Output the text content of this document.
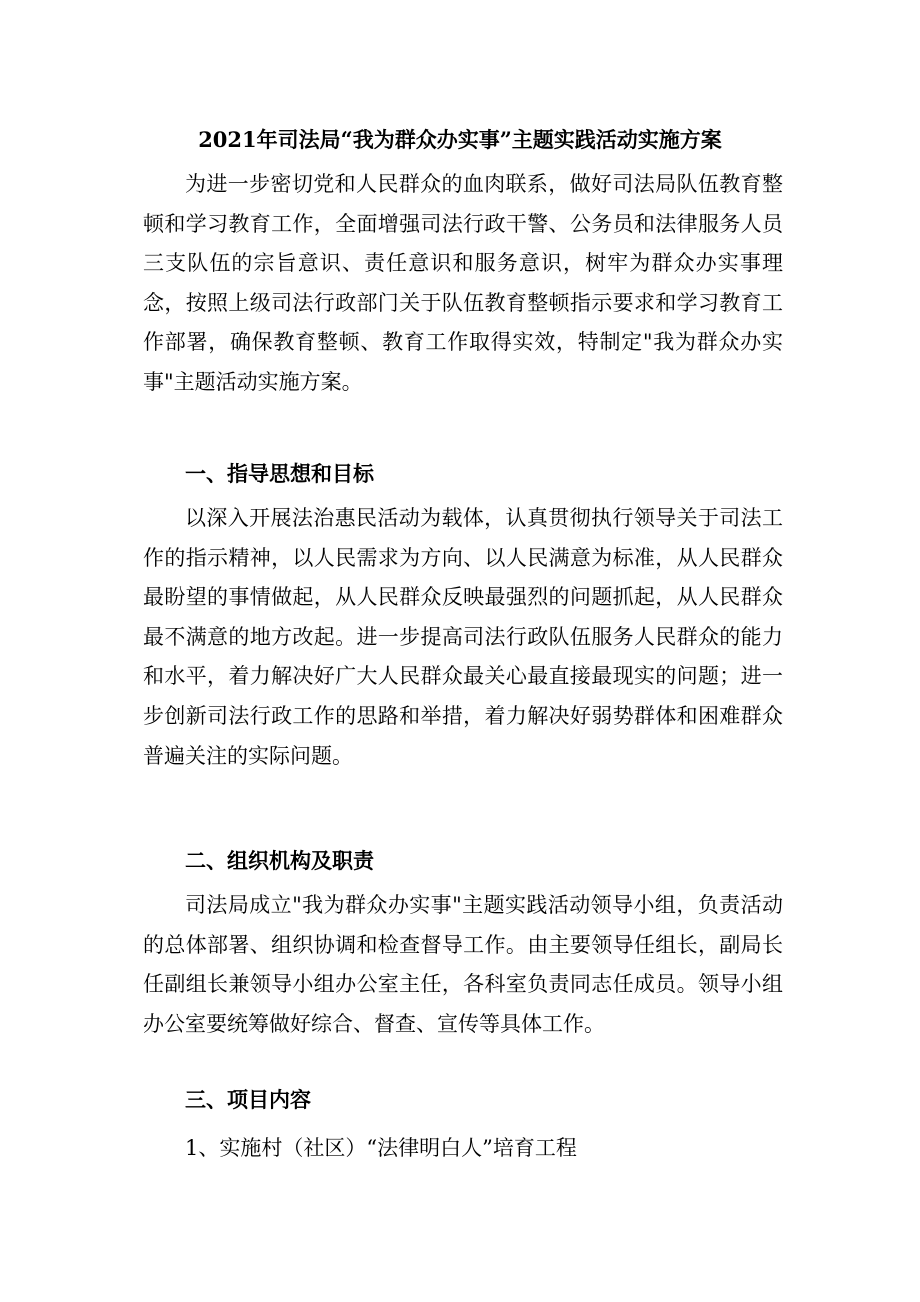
2021年司法局“我为群众办实事”主题实践活动实施方案

为进一步密切党和人民群众的血肉联系，做好司法局队伍教育整顿和学习教育工作，全面增强司法行政干警、公务员和法律服务人员三支队伍的宗旨意识、责任意识和服务意识，树牢为群众办实事理念，按照上级司法行政部门关于队伍教育整顿指示要求和学习教育工作部署，确保教育整顿、教育工作取得实效，特制定"我为群众办实事"主题活动实施方案。

一、指导思想和目标

以深入开展法治惠民活动为载体，认真贯彻执行领导关于司法工作的指示精神，以人民需求为方向、以人民满意为标准，从人民群众最盼望的事情做起，从人民群众反映最强烈的问题抓起，从人民群众最不满意的地方改起。进一步提高司法行政队伍服务人民群众的能力和水平，着力解决好广大人民群众最关心最直接最现实的问题；进一步创新司法行政工作的思路和举措，着力解决好弱势群体和困难群众普遍关注的实际问题。

二、组织机构及职责

司法局成立"我为群众办实事"主题实践活动领导小组，负责活动的总体部署、组织协调和检查督导工作。由主要领导任组长，副局长任副组长兼领导小组办公室主任，各科室负责同志任成员。领导小组办公室要统筹做好综合、督查、宣传等具体工作。

三、项目内容

1、实施村（社区）“法律明白人”培育工程
